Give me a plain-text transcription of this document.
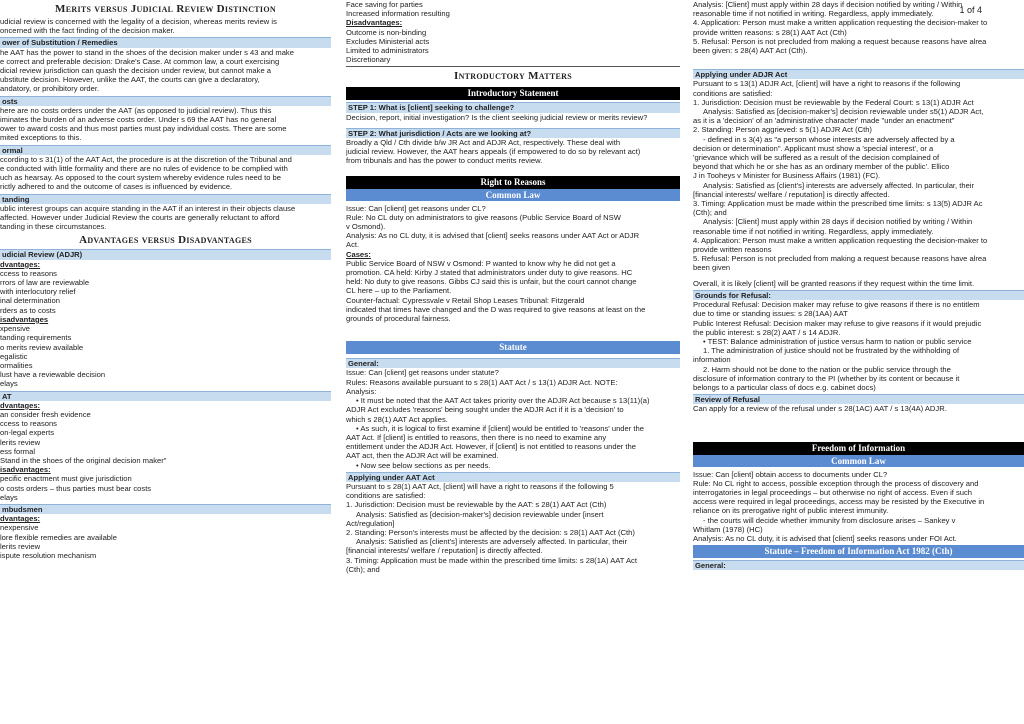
1 of 4
Merits versus Judicial Review Distinction
udicial review is concerned with the legality of a decision, whereas merits review is
oncerned with the fact finding of the decision maker.
ower of Substitution / Remedies
he AAT has the power to stand in the shoes of the decision maker under s 43 and make
e correct and preferable decision: Drake's Case. At common law, a court exercising
dicial review jurisdiction can quash the decision under review, but cannot make a
ubstitute decision. However, unlike the AAT, the courts can give a declaratory,
andatory, or prohibitory order.
osts
here are no costs orders under the AAT (as opposed to judicial review). Thus this
iminates the burden of an adverse costs order. Under s 69 the AAT has no general
ower to award costs and thus most parties must pay individual costs. There are some
mited exceptions to this.
ormal
ccording to s 31(1) of the AAT Act, the procedure is at the discretion of the Tribunal and
e conducted with little formality and there are no rules of evidence to be complied with
uch as hearsay. As opposed to the court system whereby evidence rules need to be
rictly adhered to and the outcome of cases is influenced by evidence.
tanding
ublic interest groups can acquire standing in the AAT if an interest in their objects clause
affected. However under Judicial Review the courts are generally reluctant to afford
tanding in these circumstances.
Advantages versus Disadvantages
udicial Review (ADJR)
dvantages:
ccess to reasons
rrors of law are reviewable
with interlocutory relief
inal determination
rders as to costs
isadvantages
xpensive
tanding requirements
o merits review available
egalistic
ormalities
lust have a reviewable decision
elays
AT
dvantages:
an consider fresh evidence
ccess to reasons
on-legal experts
lerits review
ess formal
Stand in the shoes of the original decision maker"
isadvantages:
pecific enactment must give jurisdiction
o costs orders – thus parties must bear costs
elays
mbudsmen
dvantages:
nexpensive
lore flexible remedies are available
lerits review
ispute resolution mechanism
Face saving for parties
Increased information resulting
Disadvantages:
Outcome is non-binding
Excludes Ministerial acts
Limited to administrators
Discretionary
Introductory Matters
Introductory Statement
STEP 1: What is [client] seeking to challenge?
Decision, report, initial investigation? Is the client seeking judicial review or merits review?
STEP 2: What jurisdiction / Acts are we looking at?
Broadly a Qld / Cth divide b/w JR Act and ADJR Act, respectively. These deal with
judicial review. However, the AAT hears appeals (if empowered to do so by relevant act)
from tribunals and has the power to conduct merits review.
Right to Reasons
Common Law
Issue: Can [client] get reasons under CL?
Rule: No CL duty on administrators to give reasons (Public Service Board of NSW
v Osmond).
Analysis: As no CL duty, it is advised that [client] seeks reasons under AAT Act or ADJR
Act.
Cases:
Public Service Board of NSW v Osmond: P wanted to know why he did not get a
promotion. CA held: Kirby J stated that administrators under duty to give reasons. HC
held: No duty to give reasons. Gibbs CJ said this is unfair, but the court cannot change
CL here – up to the Parliament.
Counter-factual: Cypressvale v Retail Shop Leases Tribunal: Fitzgerald
indicated that times have changed and the D was required to give reasons at least on the
grounds of procedural fairness.
Statute
General:
Issue: Can [client] get reasons under statute?
Rules: Reasons available pursuant to s 28(1) AAT Act / s 13(1) ADJR Act. NOTE:
Analysis:
• It must be noted that the AAT Act takes priority over the ADJR Act because s 13(11)(a)
ADJR Act excludes 'reasons' being sought under the ADJR Act if it is a 'decision' to
which s 28(1) AAT Act applies.
• As such, it is logical to first examine if [client] would be entitled to 'reasons' under the
AAT Act. If [client] is entitled to reasons, then there is no need to examine any
entitlement under the ADJR Act. However, if [client] is not entitled to reasons under the
AAT act, then the ADJR Act will be examined.
• Now see below sections as per needs.
Applying under AAT Act
Pursuant to s 28(1) AAT Act, [client] will have a right to reasons if the following 5
conditions are satisfied:
1. Jurisdiction: Decision must be reviewable by the AAT: s 28(1) AAT Act (Cth)
Analysis: Satisfied as [decision-maker's] decision reviewable under [insert
Act/regulation]
2. Standing: Person's interests must be affected by the decision: s 28(1) AAT Act (Cth)
Analysis: Satisfied as [client's] interests are adversely affected. In particular, their
[financial interests/ welfare / reputation] is directly affected.
3. Timing: Application must be made within the prescribed time limits: s 28(1A) AAT Act
(Cth); and
Analysis: [Client] must apply within 28 days if decision notified by writing / Within
reasonable time if not notified in writing. Regardless, apply immediately.
4. Application: Person must make a written application requesting the decision-maker to
provide written reasons: s 28(1) AAT Act (Cth)
5. Refusal: Person is not precluded from making a request because reasons have alrea
been given: s 28(4) AAT Act (Cth).
Applying under ADJR Act
Pursuant to s 13(1) ADJR Act, [client] will have a right to reasons if the following
conditions are satisfied:
1. Jurisdiction: Decision must be reviewable by the Federal Court: s 13(1) ADJR Act
Analysis: Satisfied as [decision-maker's] decision reviewable under s5(1) ADJR Act,
as it is a 'decision' of an 'administrative character' made "under an enactment"
2. Standing: Person aggrieved: s 5(1) ADJR Act (Cth)
- defined in s 3(4) as "a person whose interests are adversely affected by a
decision or determination". Applicant must show a 'special interest', or a
'grievance which will be suffered as a result of the decision complained of
beyond that which he or she has as an ordinary member of the public'. Ellico
J in Tooheys v Minister for Business Affairs (1981) (FC).
Analysis: Satisfied as [client's] interests are adversely affected. In particular, their
[financial interests/ welfare / reputation] is directly affected.
3. Timing: Application must be made within the prescribed time limits: s 13(5) ADJR Ac
(Cth); and
Analysis: [Client] must apply within 28 days if decision notified by writing / Within
reasonable time if not notified in writing. Regardless, apply immediately.
4. Application: Person must make a written application requesting the decision-maker to
provide written reasons
5. Refusal: Person is not precluded from making a request because reasons have alrea
been given
Overall, it is likely [client] will be granted reasons if they request within the time limit.
Grounds for Refusal:
Procedural Refusal: Decision maker may refuse to give reasons if there is no entitlem
due to time or standing issues: s 28(1AA) AAT
Public Interest Refusal: Decision maker may refuse to give reasons if it would prejudic
the public interest: s 28(2) AAT / s 14 ADJR.
• TEST: Balance administration of justice versus harm to nation or public service
1. The administration of justice should not be frustrated by the withholding of
information
2. Harm should not be done to the nation or the public service through the
disclosure of information contrary to the PI (whether by its content or because it
belongs to a particular class of docs e.g. cabinet docs)
Review of Refusal
Can apply for a review of the refusal under s 28(1AC) AAT / s 13(4A) ADJR.
Freedom of Information
Common Law
Issue: Can [client] obtain access to documents under CL?
Rule: No CL right to access, possible exception through the process of discovery and
interrogatories in legal proceedings – but otherwise no right of access. Even if such
access were required in legal proceedings, access may be resisted by the Executive in
reliance on its prerogative right of public interest immunity.
- the courts will decide whether immunity from disclosure arises – Sankey v
Whitlam (1978) (HC)
Analysis: As no CL duty, it is advised that [client] seeks reasons under FOI Act.
Statute – Freedom of Information Act 1982 (Cth)
General:
